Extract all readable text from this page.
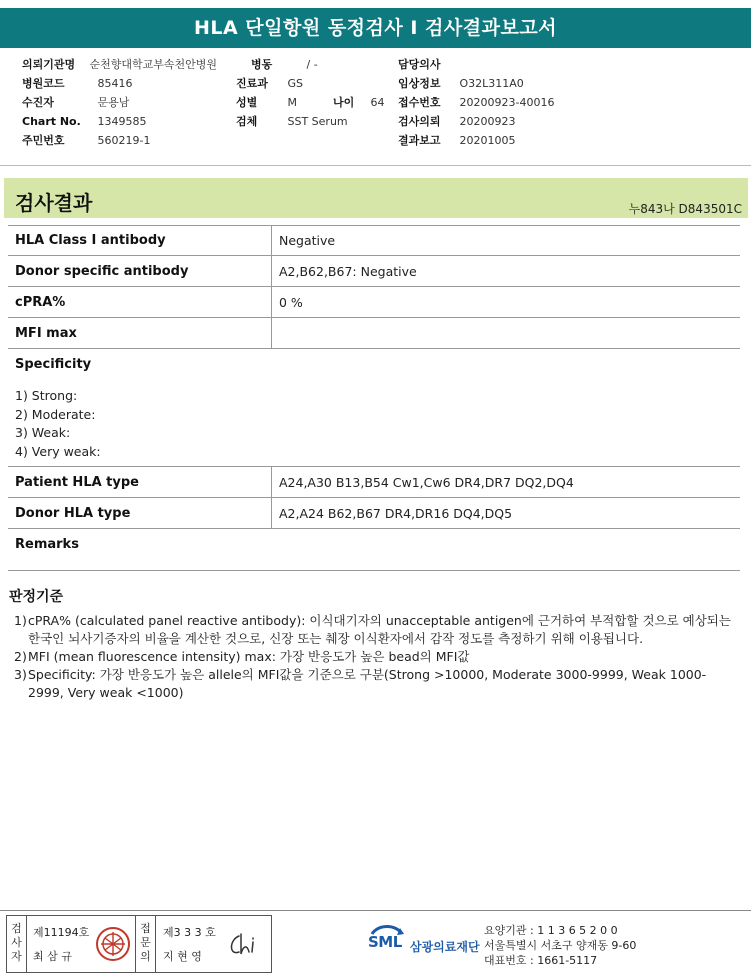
HLA 단일항원 동정검사 I 검사결과보고서
의뢰기관명 순천향대학교부속천안병원	병동	/ -	담당의사
병원코드	85416	진료과 GS	임상정보 O32L311A0
수진자	문용남	성별	M	나이 64 접수번호 20200923-40016
Chart No. 1349585	검체	SST Serum	검사의뢰 20200923
주민번호	560219-1	결과보고 20201005
검사결과	누843나 D843501C
HLA Class Ⅰ antibody	Negative
Donor specific antibody	A2,B62,B67: Negative
cPRA%	0 %
MFI max
Specificity
Patient HLA type	A24,A30 B13,B54 Cw1,Cw6 DR4,DR7 DQ2,DQ4
Donor HLA type	A2,A24 B62,B67 DR4,DR16 DQ4,DQ5
Remarks
1) Strong:
2) Moderate:
3) Weak:
4) Very weak:
판정기준
1) cPRA% (calculated panel reactive antibody): 이식대기자의 unacceptable antigen에 근거하여 부적합할 것으로 예상되는 한국인 뇌사기증자의 비율을 계산한 것으로, 신장 또는 췌장 이식환자에서 감작 정도를 측정하기 위해 이용됩니다.
2) MFI (mean fluorescence intensity) max: 가장 반응도가 높은 bead의 MFI값
3) Specificity: 가장 반응도가 높은 allele의 MFI값을 기준으로 구분(Strong >10000, Moderate 3000-9999, Weak 1000-2999, Very weak <1000)
검
사
자
제11194호
최 삼 규
접
문
의
제3 3 3 호
지 현 영
SML 삼광의료재단
요양기관 : 1 1 3 6 5 2 0 0
서울특별시 서초구 양재동 9-60
대표번호 : 1661-5117
